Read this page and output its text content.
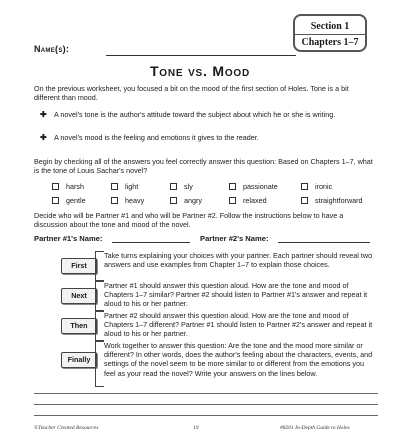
Name(s):
Section 1
Chapters 1–7
Tone vs. Mood
On the previous worksheet, you focused a bit on the mood of the first section of Holes. Tone is a bit different than mood.
✚ A novel's tone is the author's attitude toward the subject about which he or she is writing.
✚ A novel's mood is the feeling and emotions it gives to the reader.
Begin by checking all of the answers you feel correctly answer this question: Based on Chapters 1–7, what is the tone of Louis Sachar's novel?
harsh	light	sly	passionate	ironic
gentle	heavy	angry	relaxed	straightforward
Decide who will be Partner #1 and who will be Partner #2. Follow the instructions below to have a discussion about the tone and mood of the novel.
Partner #1's Name:	Partner #2's Name:
First
Take turns explaining your choices with your partner. Each partner should reveal two answers and use examples from Chapter 1–7 to explain those choices.
Next
Partner #1 should answer this question aloud. How are the tone and mood of Chapters 1–7 similar? Partner #2 should listen to Partner #1's answer and repeat it aloud to his or her partner.
Then
Partner #2 should answer this question aloud. How are the tone and mood of Chapters 1–7 different? Partner #1 should listen to Partner #2's answer and repeat it aloud to his or her partner.
Finally
Work together to answer this question: Are the tone and the mood more similar or different? In other words, does the author's feeling about the characters, events, and settings of the novel seem to be more similar to or different from the emotions you feel as your read the novel? Write your answers on the lines below.
©Teacher Created Resources	19	#8201 In-Depth Guide to Holes
